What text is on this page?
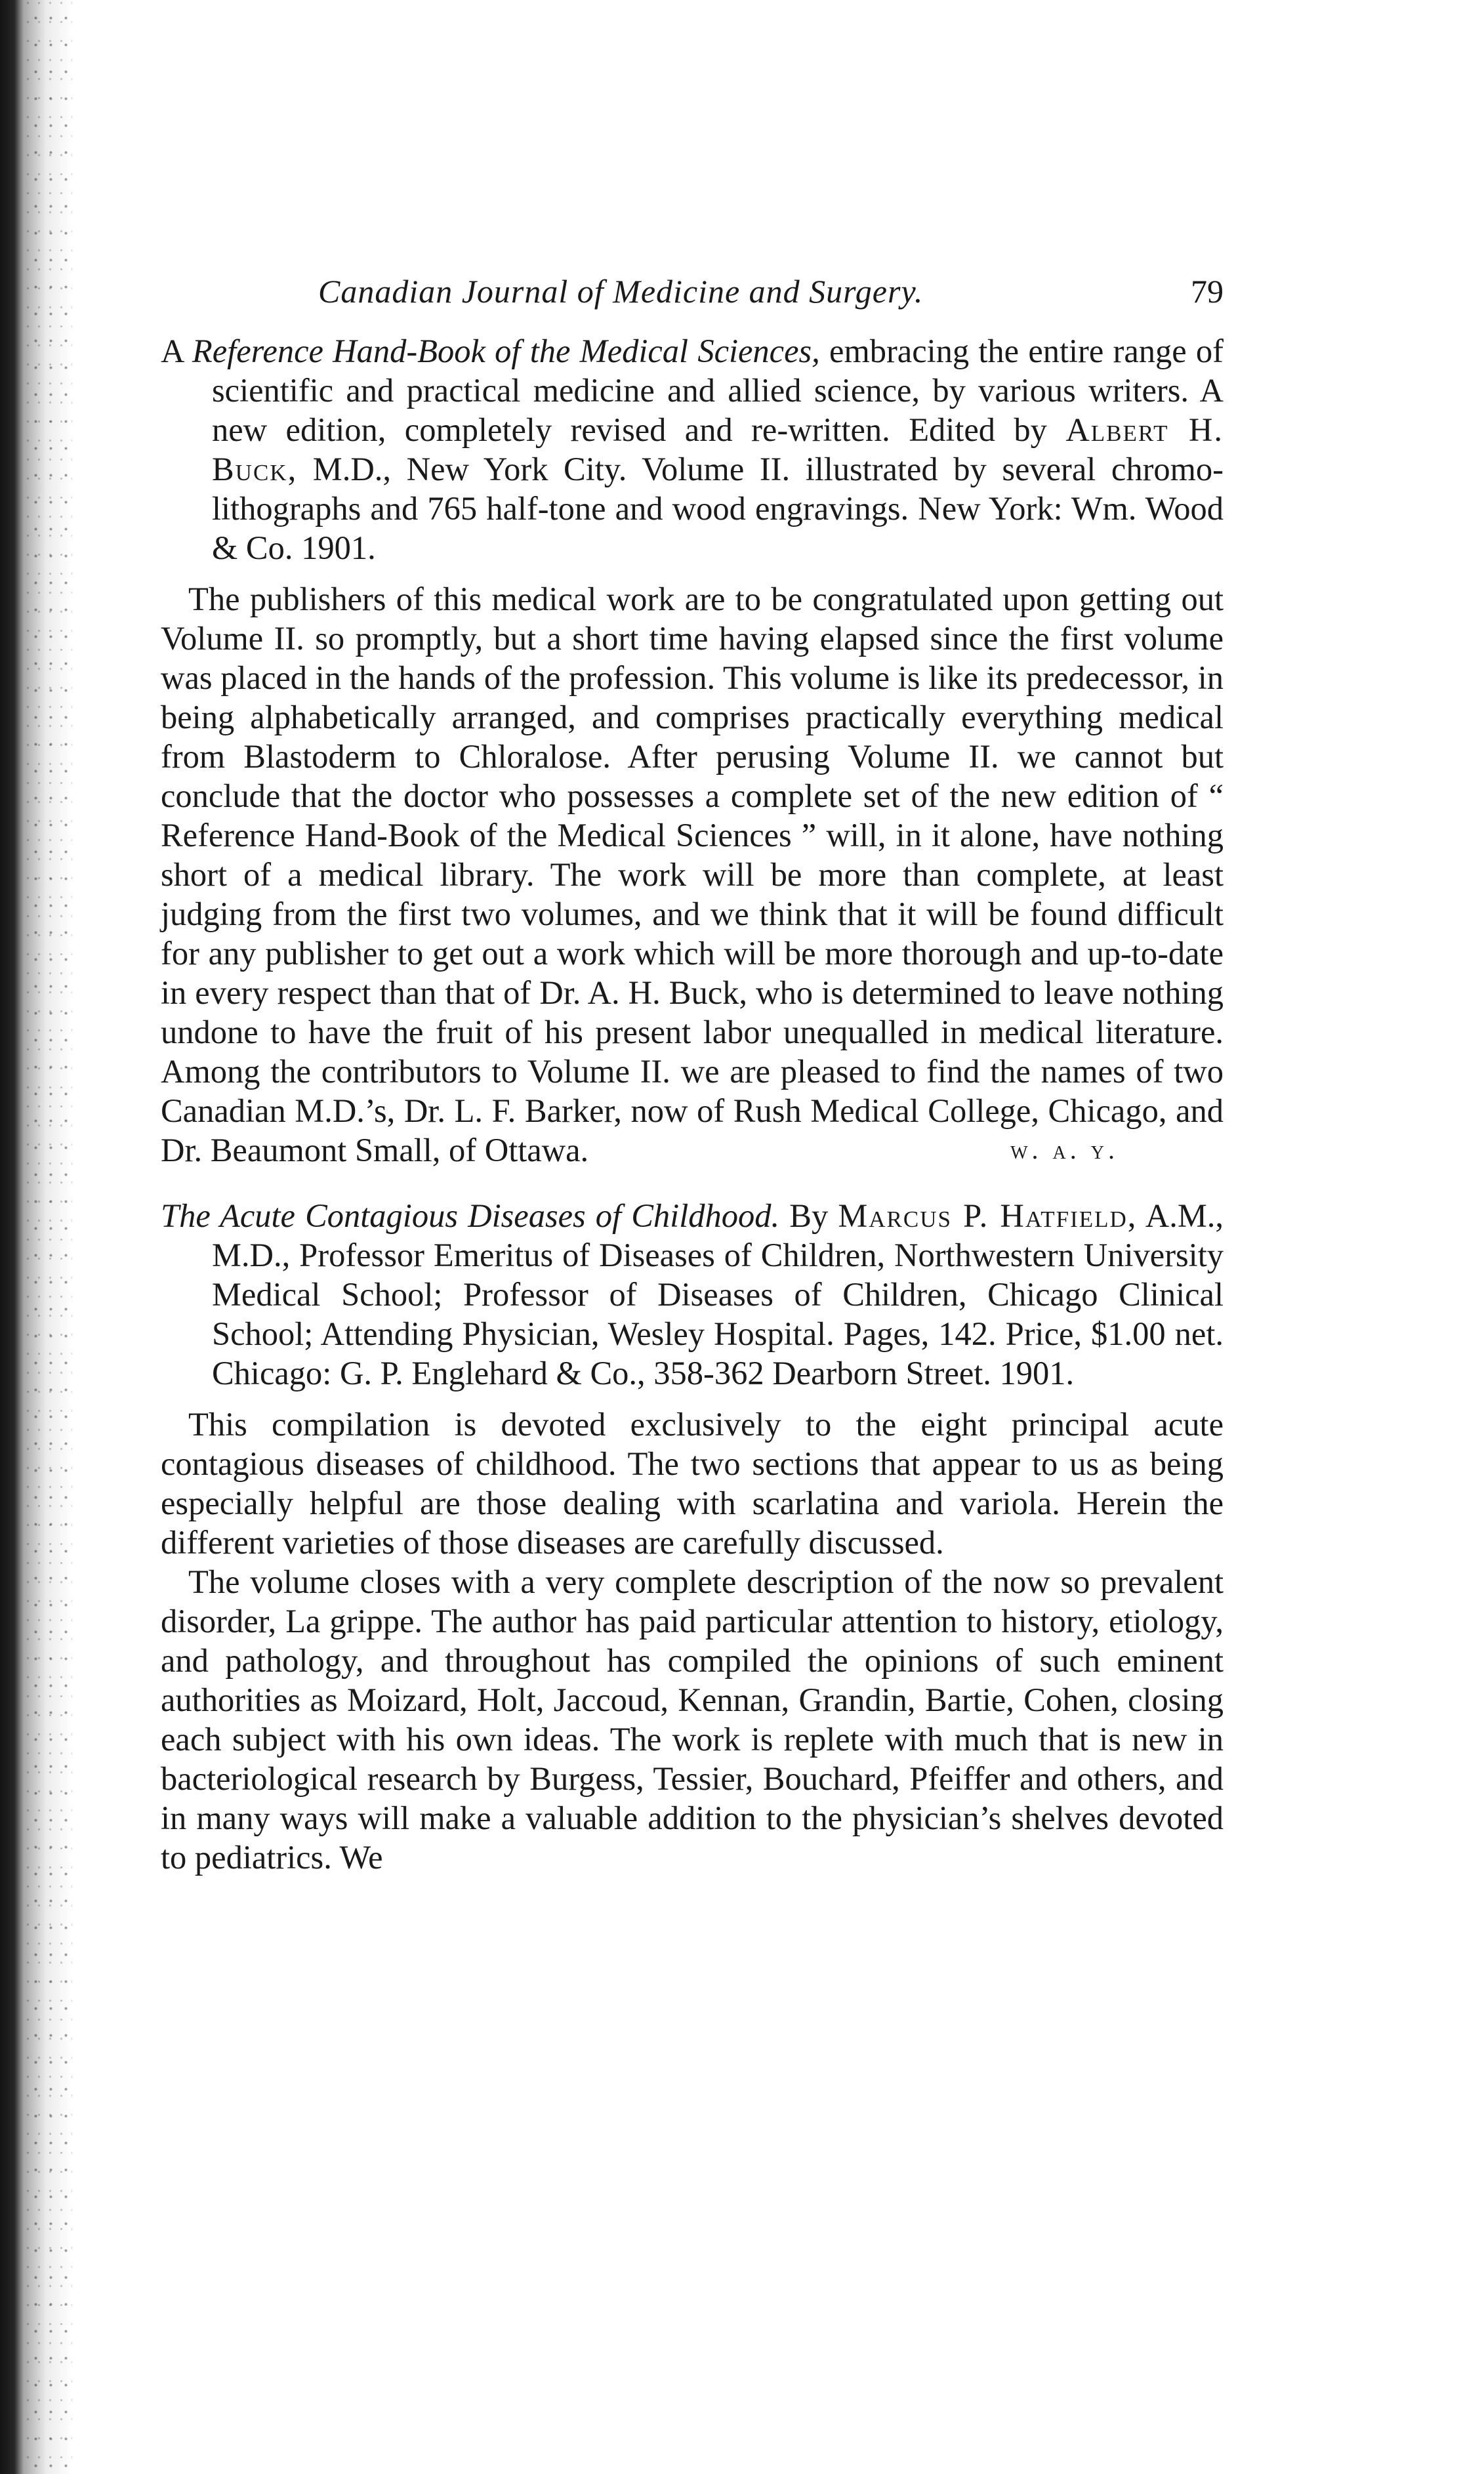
Canadian Journal of Medicine and Surgery.	79

A Reference Hand-Book of the Medical Sciences, embracing the entire range of scientific and practical medicine and allied science, by various writers. A new edition, completely revised and re-written. Edited by Albert H. Buck, M.D., New York City. Volume II. illustrated by several chromo-lithographs and 765 half-tone and wood engravings. New York: Wm. Wood & Co. 1901.

The publishers of this medical work are to be congratulated upon getting out Volume II. so promptly, but a short time having elapsed since the first volume was placed in the hands of the profession. This volume is like its predecessor, in being alphabetically arranged, and comprises practically everything medical from Blastoderm to Chloralose. After perusing Volume II. we cannot but conclude that the doctor who possesses a complete set of the new edition of “ Reference Hand-Book of the Medical Sciences ” will, in it alone, have nothing short of a medical library. The work will be more than complete, at least judging from the first two volumes, and we think that it will be found difficult for any publisher to get out a work which will be more thorough and up-to-date in every respect than that of Dr. A. H. Buck, who is determined to leave nothing undone to have the fruit of his present labor unequalled in medical literature. Among the contributors to Volume II. we are pleased to find the names of two Canadian M.D.’s, Dr. L. F. Barker, now of Rush Medical College, Chicago, and Dr. Beaumont Small, of Ottawa.	w. a. y.

The Acute Contagious Diseases of Childhood. By Marcus P. Hatfield, A.M., M.D., Professor Emeritus of Diseases of Children, Northwestern University Medical School; Professor of Diseases of Children, Chicago Clinical School; Attending Physician, Wesley Hospital. Pages, 142. Price, $1.00 net. Chicago: G. P. Englehard & Co., 358-362 Dearborn Street. 1901.

This compilation is devoted exclusively to the eight principal acute contagious diseases of childhood. The two sections that appear to us as being especially helpful are those dealing with scarlatina and variola. Herein the different varieties of those diseases are carefully discussed.

The volume closes with a very complete description of the now so prevalent disorder, La grippe. The author has paid particular attention to history, etiology, and pathology, and throughout has compiled the opinions of such eminent authorities as Moizard, Holt, Jaccoud, Kennan, Grandin, Bartie, Cohen, closing each subject with his own ideas. The work is replete with much that is new in bacteriological research by Burgess, Tessier, Bouchard, Pfeiffer and others, and in many ways will make a valuable addition to the physician’s shelves devoted to pediatrics. We
